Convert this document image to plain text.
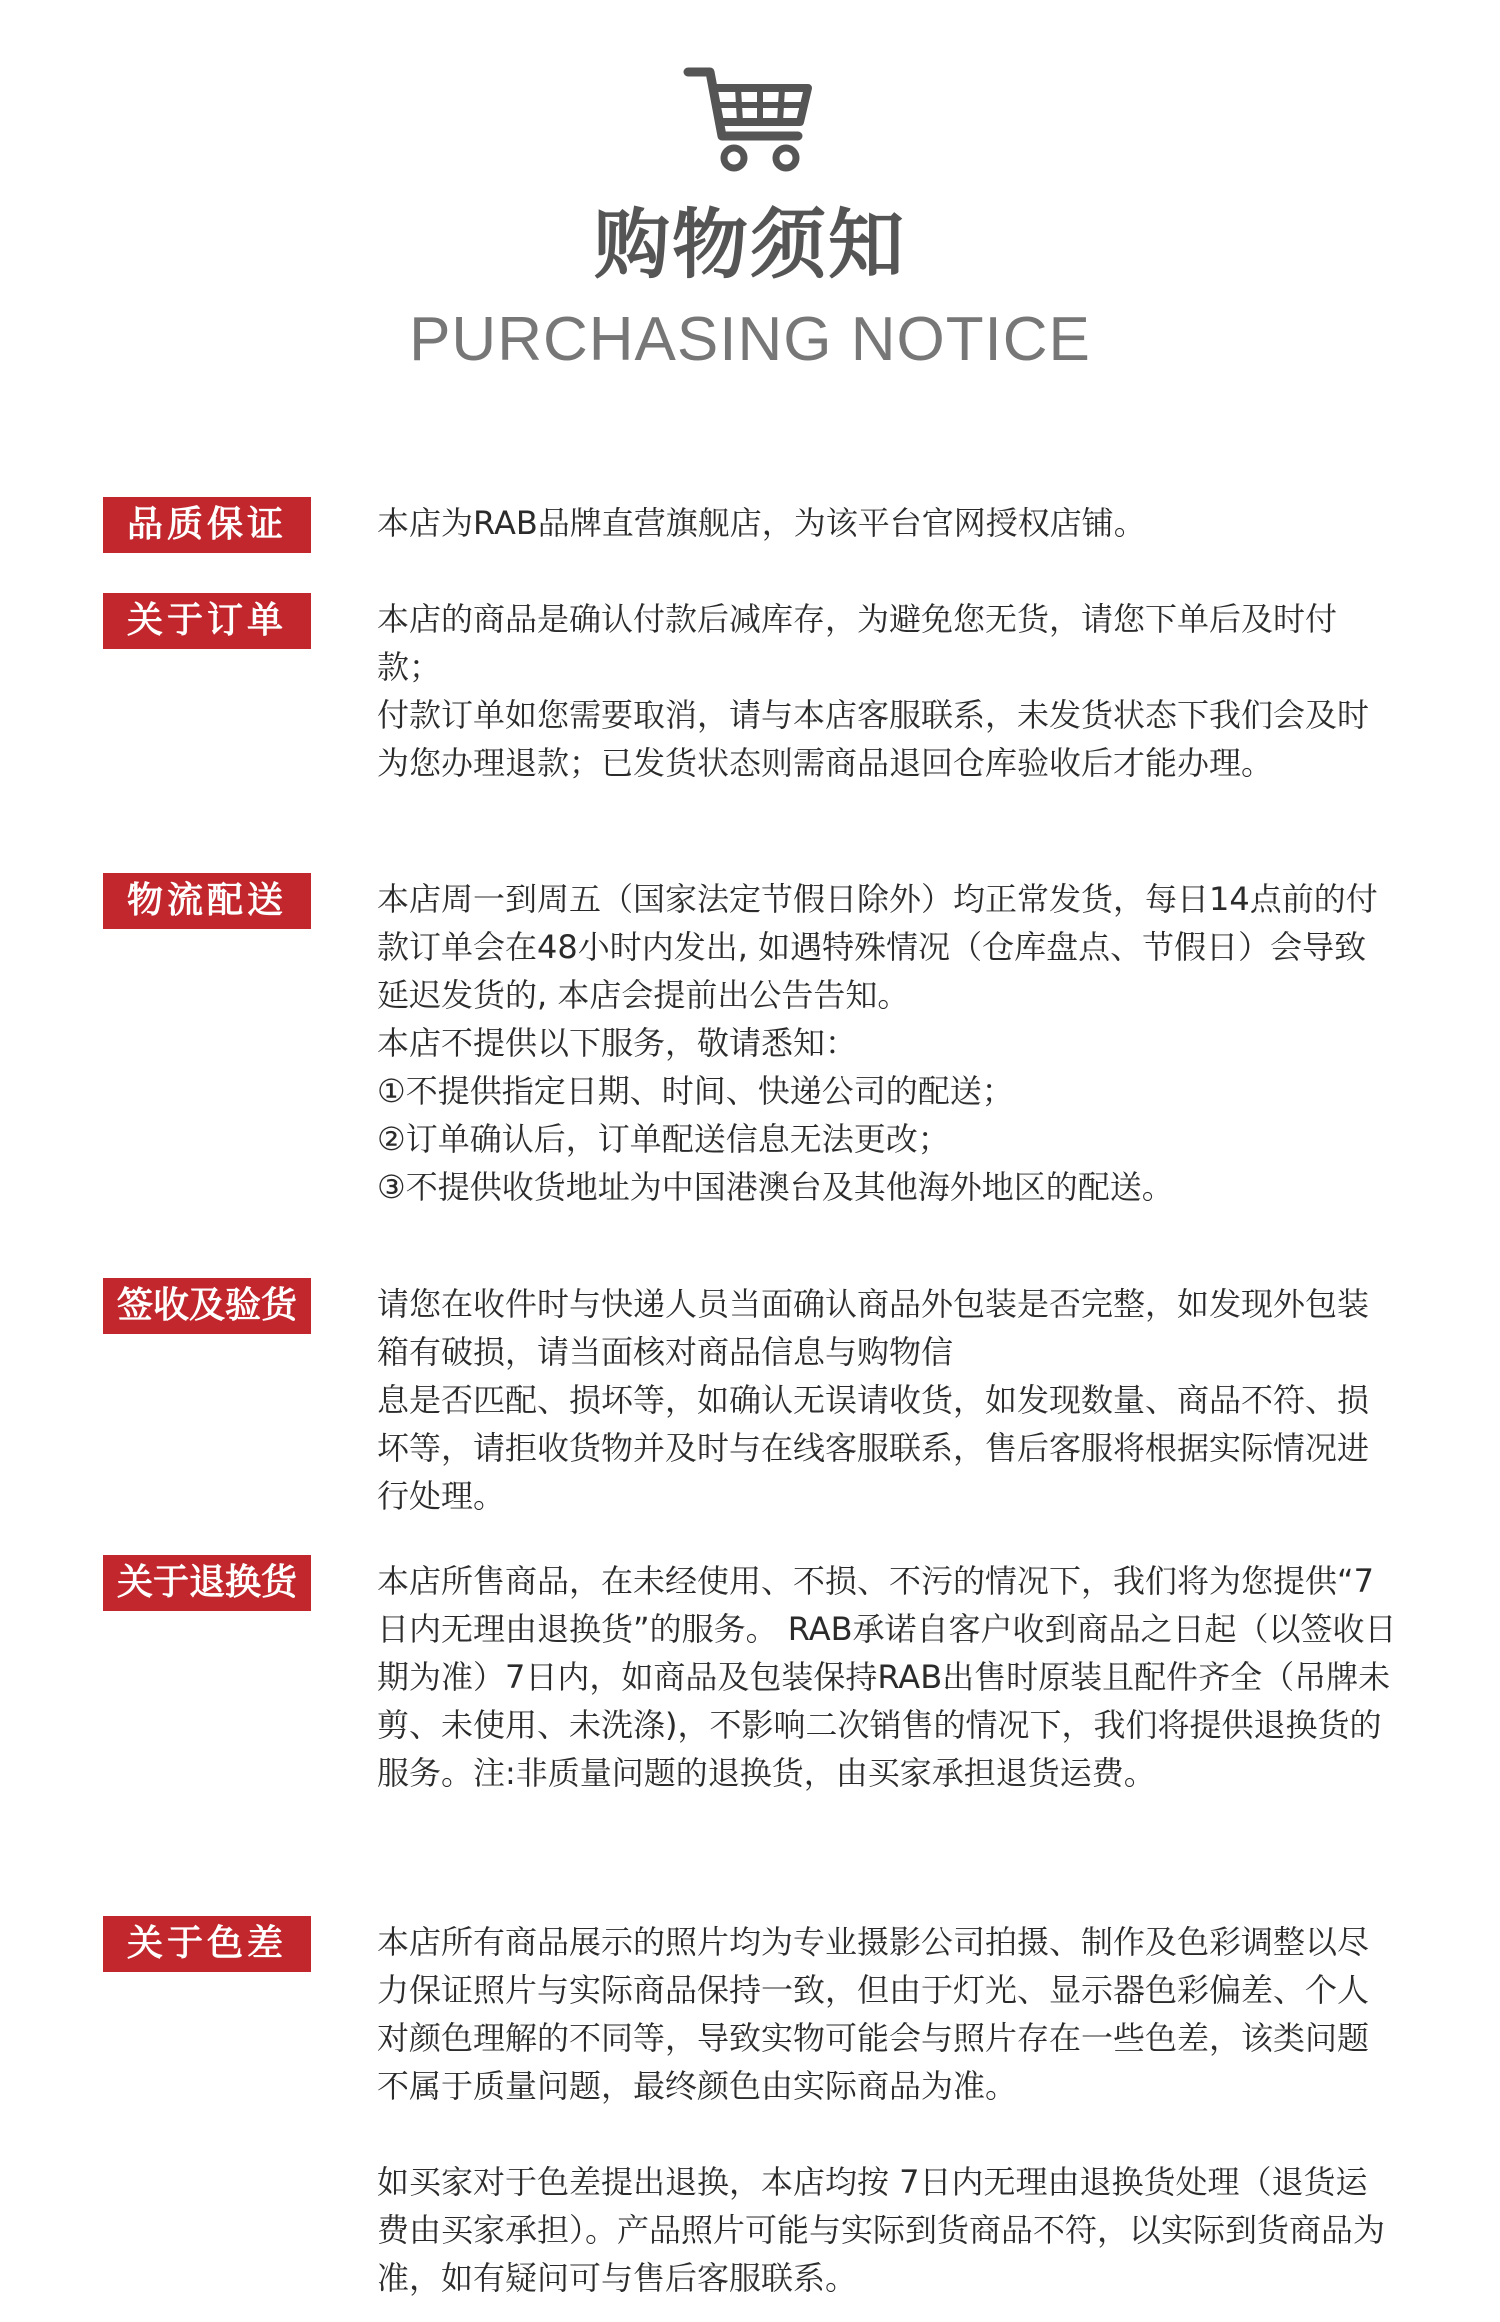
购物须知
PURCHASING NOTICE
品质保证	本店为RAB品牌直营旗舰店，为该平台官网授权店铺。

关于订单	本店的商品是确认付款后减库存，为避免您无货，请您下单后及时付款；

付款订单如您需要取消，请与本店客服联系，未发货状态下我们会及时为您办理退款；已发货状态则需商品退回仓库验收后才能办理。

物流配送	本店周一到周五（国家法定节假日除外）均正常发货，每日14点前的付款订单会在48小时内发出, 如遇特殊情况（仓库盘点、节假日）会导致延迟发货的, 本店会提前出公告告知。

本店不提供以下服务，敬请悉知：

①不提供指定日期、时间、快递公司的配送；

②订单确认后，订单配送信息无法更改；

③不提供收货地址为中国港澳台及其他海外地区的配送。

签收及验货	请您在收件时与快递人员当面确认商品外包装是否完整，如发现外包装箱有破损，请当面核对商品信息与购物信

息是否匹配、损坏等，如确认无误请收货，如发现数量、商品不符、损坏等，请拒收货物并及时与在线客服联系，售后客服将根据实际情况进行处理。

关于退换货	本店所售商品，在未经使用、不损、不污的情况下，我们将为您提供“7日内无理由退换货”的服务。 RAB承诺自客户收到商品之日起（以签收日期为准）7日内，如商品及包装保持RAB出售时原装且配件齐全（吊牌未剪、未使用、未洗涤)，不影响二次销售的情况下，我们将提供退换货的服务。注:非质量问题的退换货，由买家承担退货运费。

关于色差	本店所有商品展示的照片均为专业摄影公司拍摄、制作及色彩调整以尽力保证照片与实际商品保持一致，但由于灯光、显示器色彩偏差、个人对颜色理解的不同等，导致实物可能会与照片存在一些色差，该类问题不属于质量问题，最终颜色由实际商品为准。

如买家对于色差提出退换，本店均按 7日内无理由退换货处理（退货运费由买家承担）。产品照片可能与实际到货商品不符，以实际到货商品为准，如有疑问可与售后客服联系。
